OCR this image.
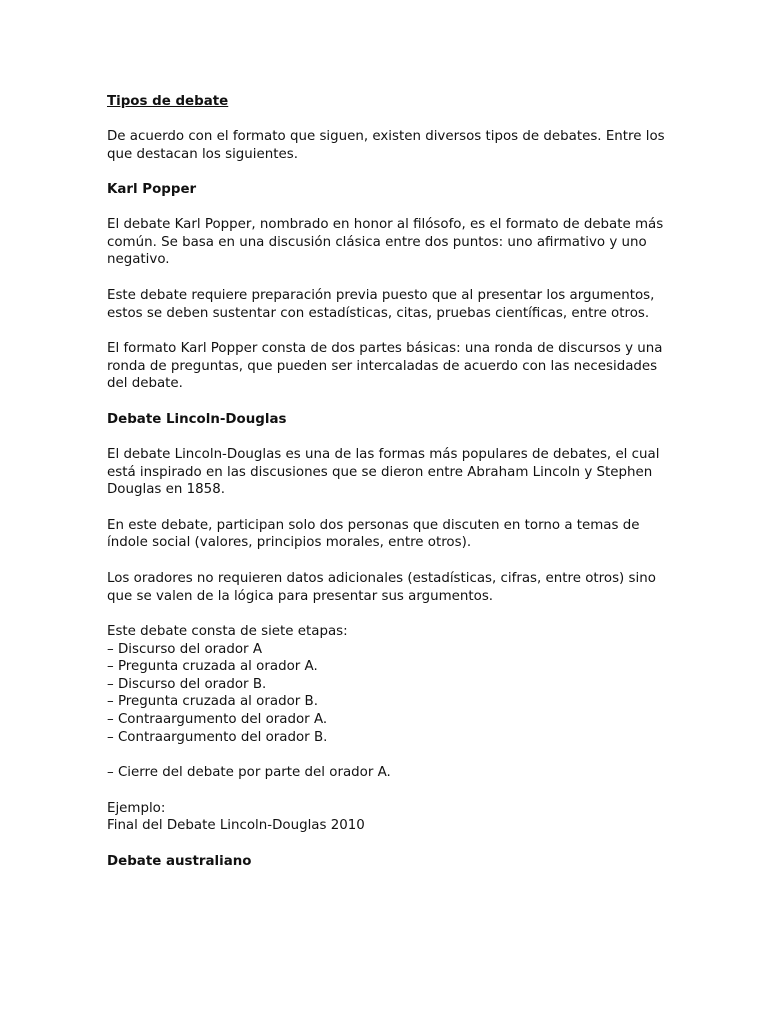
Tipos de debate

De acuerdo con el formato que siguen, existen diversos tipos de debates. Entre los que destacan los siguientes.

Karl Popper

El debate Karl Popper, nombrado en honor al filósofo, es el formato de debate más común. Se basa en una discusión clásica entre dos puntos: uno afirmativo y uno negativo.

Este debate requiere preparación previa puesto que al presentar los argumentos, estos se deben sustentar con estadísticas, citas, pruebas científicas, entre otros.

El formato Karl Popper consta de dos partes básicas: una ronda de discursos y una ronda de preguntas, que pueden ser intercaladas de acuerdo con las necesidades del debate.

Debate Lincoln-Douglas

El debate Lincoln-Douglas es una de las formas más populares de debates, el cual está inspirado en las discusiones que se dieron entre Abraham Lincoln y Stephen Douglas en 1858.

En este debate, participan solo dos personas que discuten en torno a temas de índole social (valores, principios morales, entre otros).

Los oradores no requieren datos adicionales (estadísticas, cifras, entre otros) sino que se valen de la lógica para presentar sus argumentos.

Este debate consta de siete etapas:
– Discurso del orador A
– Pregunta cruzada al orador A.
– Discurso del orador B.
– Pregunta cruzada al orador B.
– Contraargumento del orador A.
– Contraargumento del orador B.

– Cierre del debate por parte del orador A.

Ejemplo:
Final del Debate Lincoln-Douglas 2010
Debate australiano
